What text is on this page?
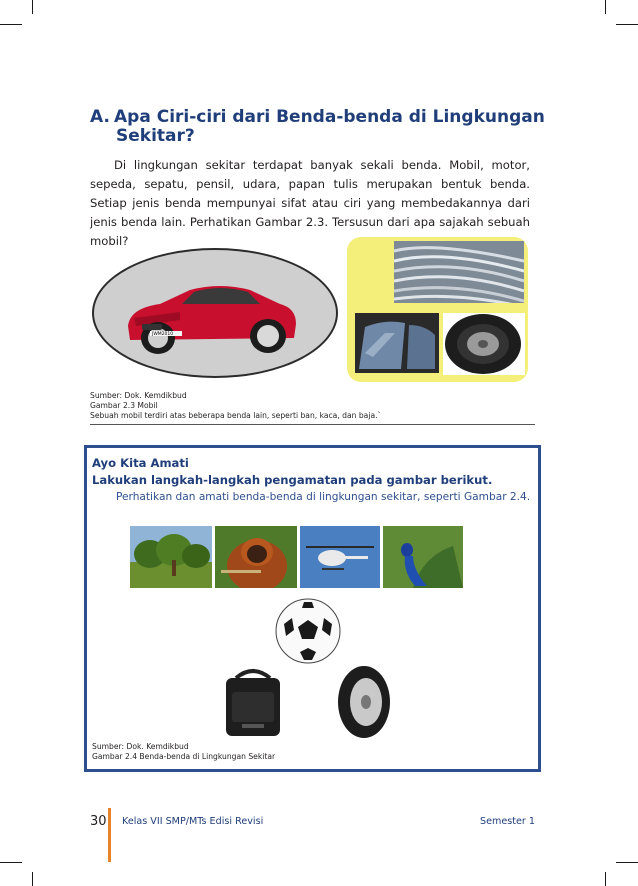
A. Apa Ciri-ciri dari Benda-benda di Lingkungan
Sekitar?
Di lingkungan sekitar terdapat banyak sekali benda. Mobil, motor, sepeda, sepatu, pensil, udara, papan tulis merupakan bentuk benda. Setiap jenis benda mempunyai sifat atau ciri yang membedakannya dari jenis benda lain. Perhatikan Gambar 2.3. Tersusun dari apa sajakah sebuah mobil?
JWM2010
Sumber: Dok. Kemdikbud
Gambar 2.3 Mobil
Sebuah mobil terdiri atas beberapa benda lain, seperti ban, kaca, dan baja.`
Ayo Kita Amati
Lakukan langkah-langkah pengamatan pada gambar berikut.
Perhatikan dan amati benda-benda di lingkungan sekitar, seperti Gambar 2.4.
Sumber: Dok. Kemdikbud
Gambar 2.4 Benda-benda di Lingkungan Sekitar
30 Kelas VII SMP/MTs Edisi Revisi	Semester 1
